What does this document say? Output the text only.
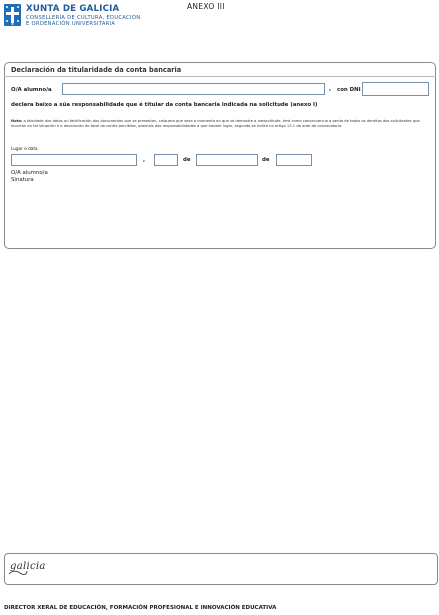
XUNTA DE GALICIA
CONSELLERÍA DE CULTURA, EDUCACIÓN
E ORDENACIÓN UNIVERSITARIA
ANEXO III
Declaración da titularidade da conta bancaria
O/A alumno/a	, con DNI
declara baixo a súa responsabilidade que é titular da conta bancaria indicada na solicitude (anexo I)
Nota: a falsidade dos datos ou falsificación dos documentos que se presentan, calquera que sexa o momento en que se demostre a inexactitude, terá como consecuencia a perda de todos os dereitos dos solicitantes que incorran en tal situación e a devolución do total da contía percibida, ademais das responsabilidades a que houber lugar, segundo se indica no artigo 13.1 da orde de convocatoria.
Lugar e data
,	de	de
O/A alumno/a
Sinatura
galicia
DIRECTOR XERAL DE EDUCACIÓN, FORMACIÓN PROFESIONAL E INNOVACIÓN EDUCATIVA
